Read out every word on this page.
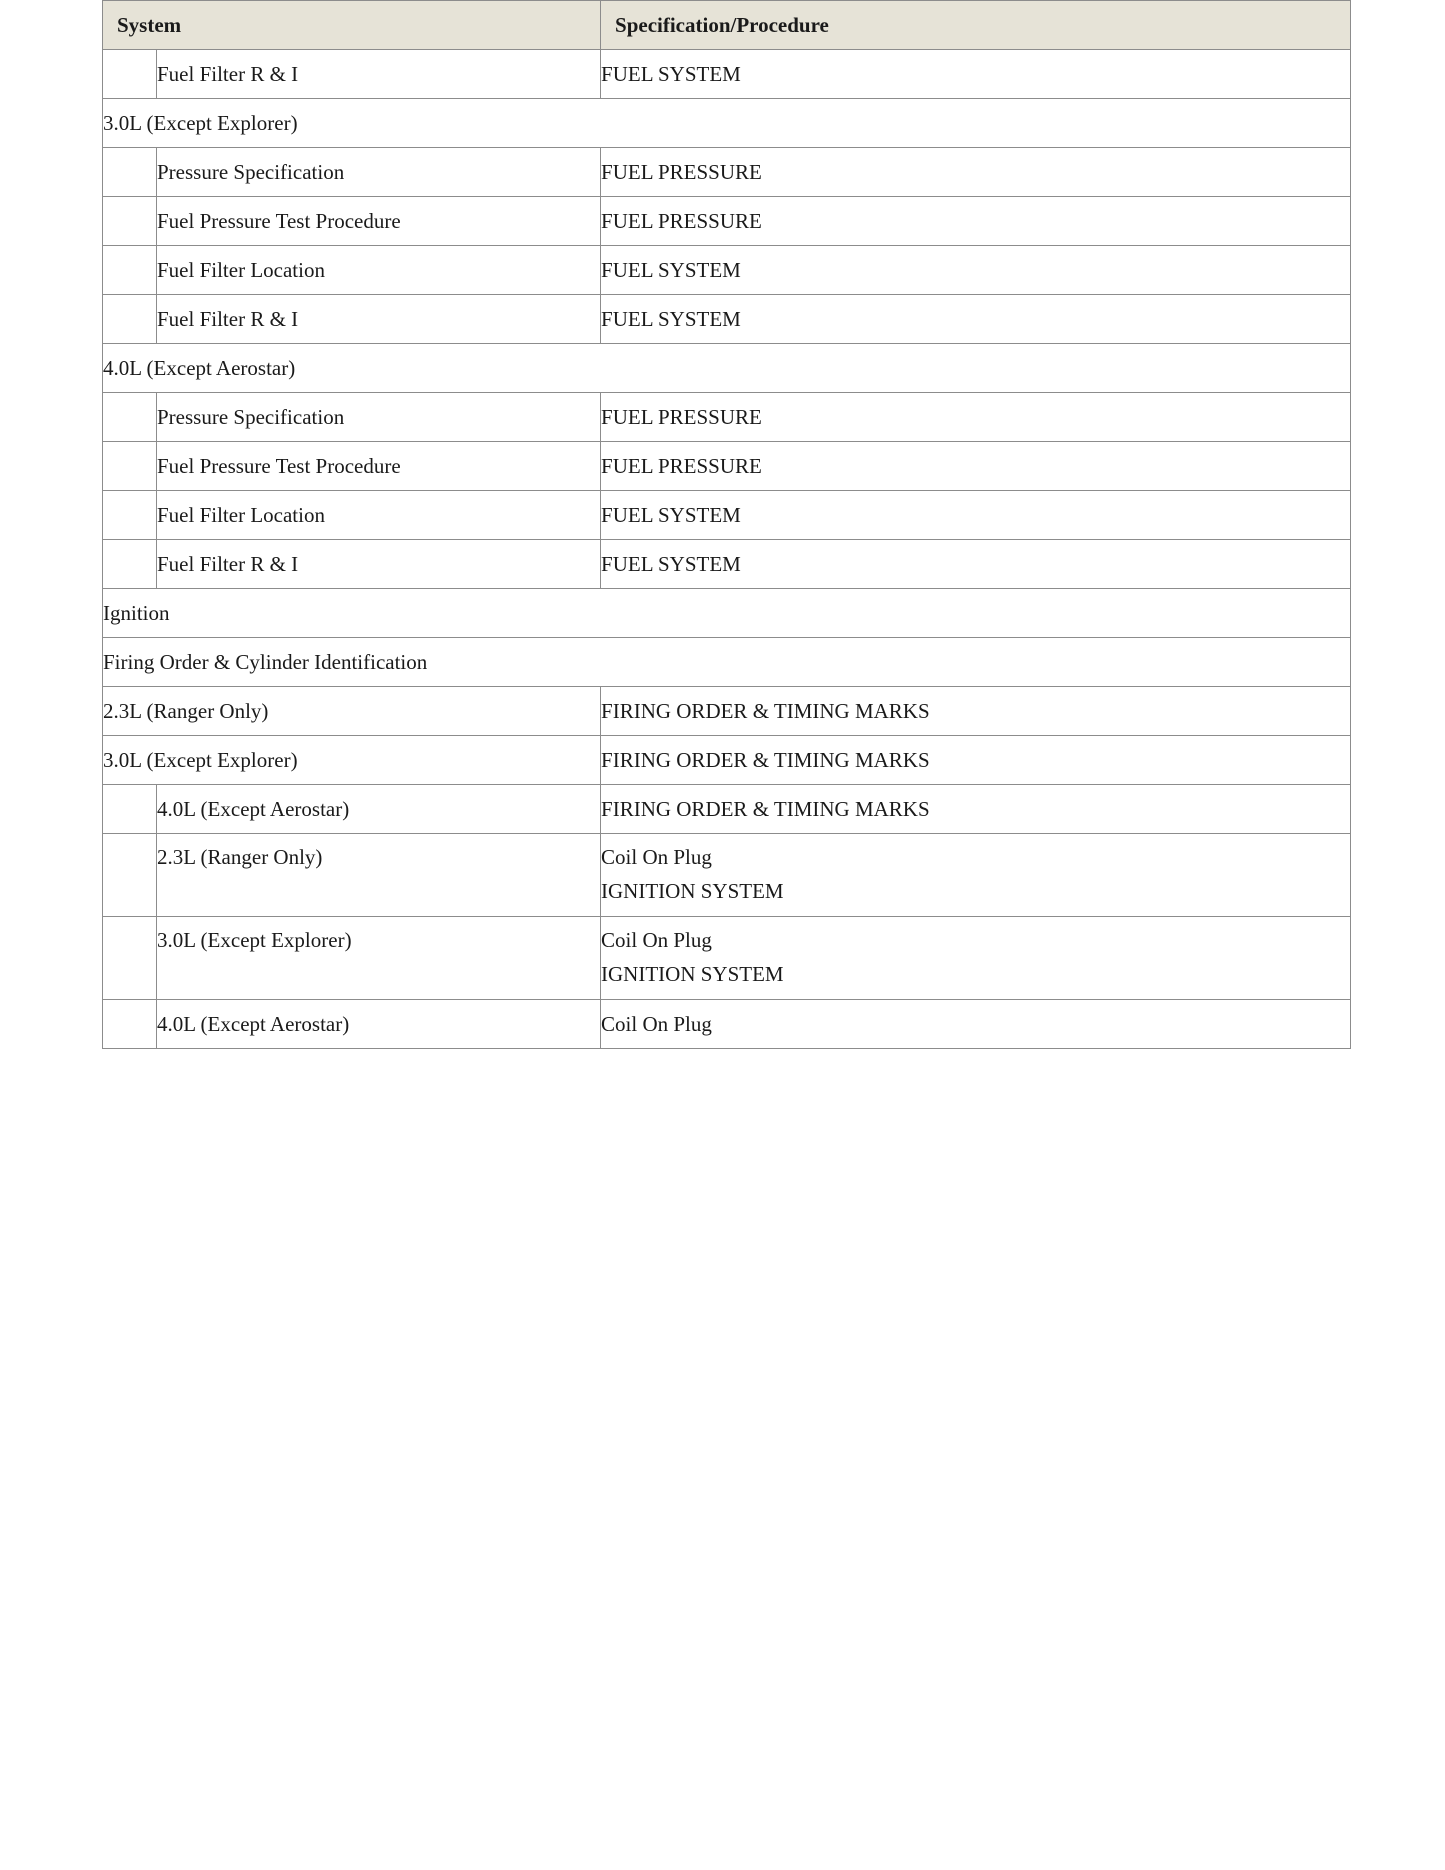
System		Specification/Procedure

	Fuel Filter R & I	FUEL SYSTEM

3.0L (Except Explorer)		

	Pressure Specification	FUEL PRESSURE

	Fuel Pressure Test Procedure	FUEL PRESSURE

	Fuel Filter Location	FUEL SYSTEM

	Fuel Filter R & I	FUEL SYSTEM

4.0L (Except Aerostar)		

	Pressure Specification	FUEL PRESSURE

	Fuel Pressure Test Procedure	FUEL PRESSURE

	Fuel Filter Location	FUEL SYSTEM

	Fuel Filter R & I	FUEL SYSTEM

Ignition		
Firing Order & Cylinder Identification		
2.3L (Ranger Only)		FIRING ORDER & TIMING MARKS

3.0L (Except Explorer)		FIRING ORDER & TIMING MARKS

	4.0L (Except Aerostar)	FIRING ORDER & TIMING MARKS

	2.3L (Ranger Only)	Coil On Plug
IGNITION SYSTEM

	3.0L (Except Explorer)	Coil On Plug
IGNITION SYSTEM

	4.0L (Except Aerostar)	Coil On Plug
